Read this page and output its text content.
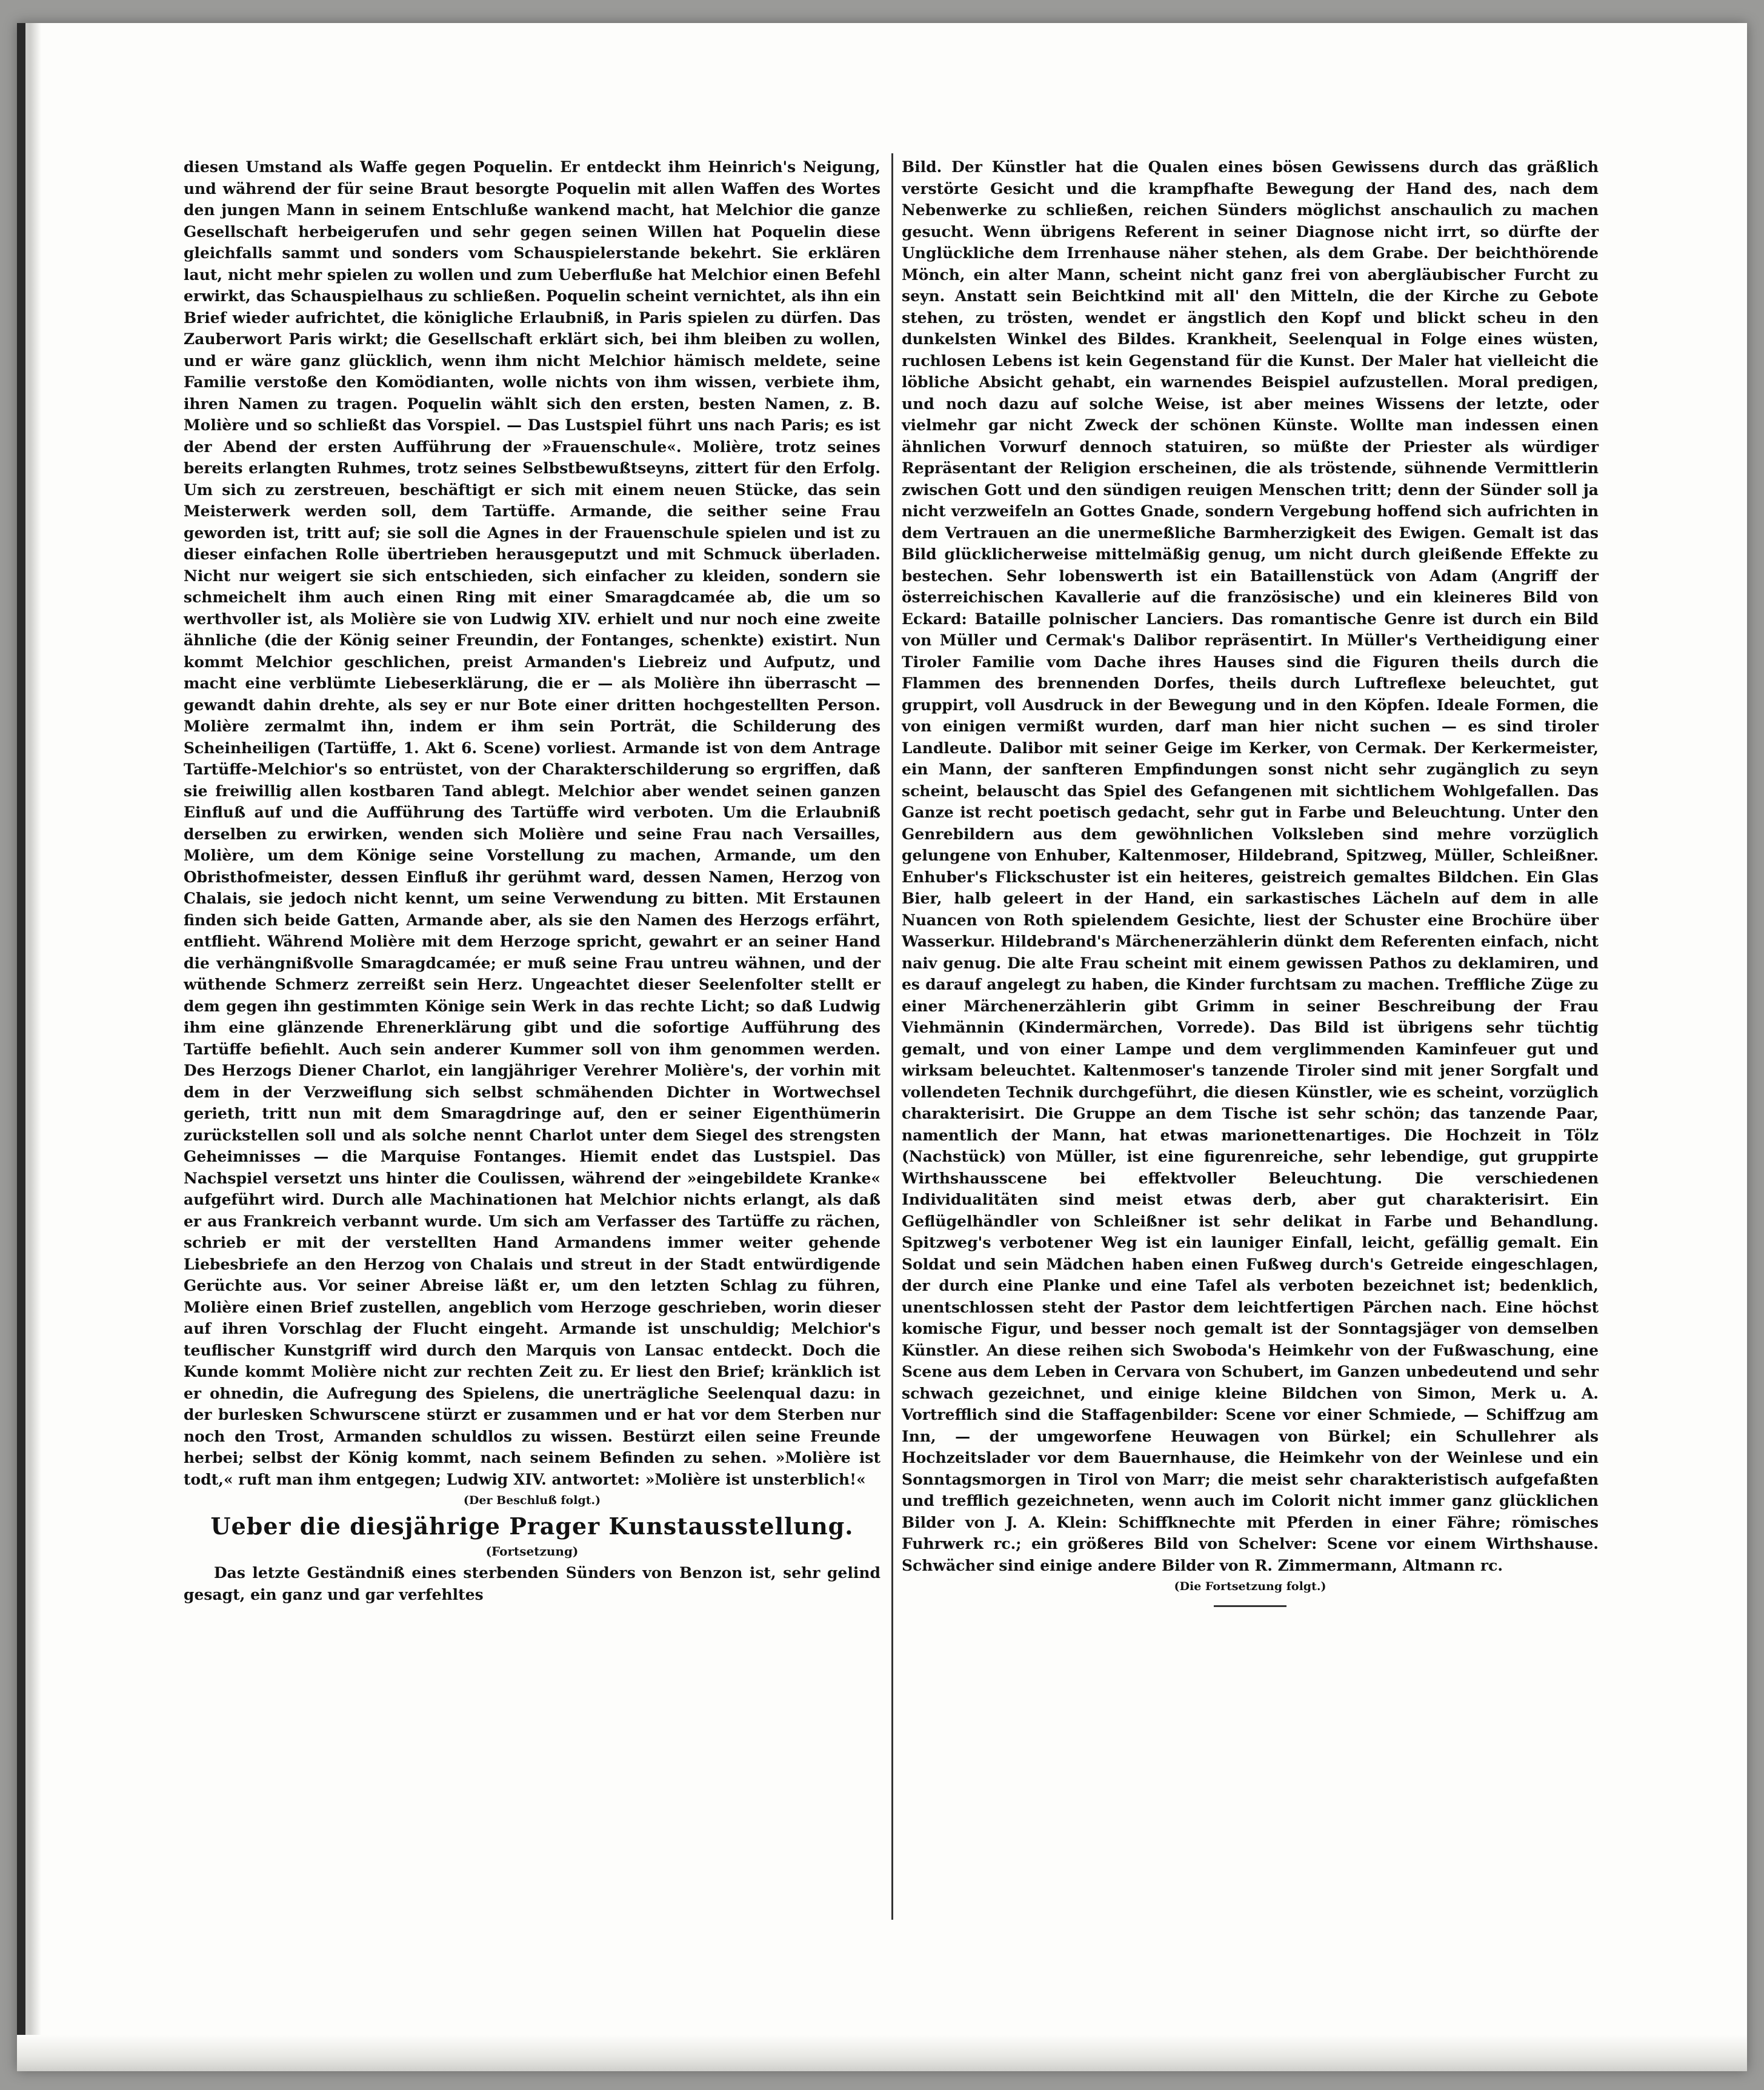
diesen Umstand als Waffe gegen Poquelin. Er entdeckt ihm Heinrich's Neigung, und während der für seine Braut besorgte Poquelin mit allen Waffen des Wortes den jungen Mann in seinem Entschluße wankend macht, hat Melchior die ganze Gesellschaft herbeigerufen und sehr gegen seinen Willen hat Poquelin diese gleichfalls sammt und sonders vom Schauspielerstande bekehrt. Sie erklären laut, nicht mehr spielen zu wollen und zum Ueberfluße hat Melchior einen Befehl erwirkt, das Schauspielhaus zu schließen. Poquelin scheint vernichtet, als ihn ein Brief wieder aufrichtet, die königliche Erlaubniß, in Paris spielen zu dürfen. Das Zauberwort Paris wirkt; die Gesellschaft erklärt sich, bei ihm bleiben zu wollen, und er wäre ganz glücklich, wenn ihm nicht Melchior hämisch meldete, seine Familie verstoße den Komödianten, wolle nichts von ihm wissen, verbiete ihm, ihren Namen zu tragen. Poquelin wählt sich den ersten, besten Namen, z. B. Molière und so schließt das Vorspiel. — Das Lustspiel führt uns nach Paris; es ist der Abend der ersten Aufführung der »Frauenschule«. Molière, trotz seines bereits erlangten Ruhmes, trotz seines Selbstbewußtseyns, zittert für den Erfolg. Um sich zu zerstreuen, beschäftigt er sich mit einem neuen Stücke, das sein Meisterwerk werden soll, dem Tartüffe. Armande, die seither seine Frau geworden ist, tritt auf; sie soll die Agnes in der Frauenschule spielen und ist zu dieser einfachen Rolle übertrieben herausgeputzt und mit Schmuck überladen. Nicht nur weigert sie sich entschieden, sich einfacher zu kleiden, sondern sie schmeichelt ihm auch einen Ring mit einer Smaragdcamée ab, die um so werthvoller ist, als Molière sie von Ludwig XIV. erhielt und nur noch eine zweite ähnliche (die der König seiner Freundin, der Fontanges, schenkte) existirt. Nun kommt Melchior geschlichen, preist Armanden's Liebreiz und Aufputz, und macht eine verblümte Liebeserklärung, die er — als Molière ihn überrascht — gewandt dahin drehte, als sey er nur Bote einer dritten hochgestellten Person. Molière zermalmt ihn, indem er ihm sein Porträt, die Schilderung des Scheinheiligen (Tartüffe, 1. Akt 6. Scene) vorliest. Armande ist von dem Antrage Tartüffe-Melchior's so entrüstet, von der Charakterschilderung so ergriffen, daß sie freiwillig allen kostbaren Tand ablegt. Melchior aber wendet seinen ganzen Einfluß auf und die Aufführung des Tartüffe wird verboten. Um die Erlaubniß derselben zu erwirken, wenden sich Molière und seine Frau nach Versailles, Molière, um dem Könige seine Vorstellung zu machen, Armande, um den Obristhofmeister, dessen Einfluß ihr gerühmt ward, dessen Namen, Herzog von Chalais, sie jedoch nicht kennt, um seine Verwendung zu bitten. Mit Erstaunen finden sich beide Gatten, Armande aber, als sie den Namen des Herzogs erfährt, entflieht. Während Molière mit dem Herzoge spricht, gewahrt er an seiner Hand die verhängnißvolle Smaragdcamée; er muß seine Frau untreu wähnen, und der wüthende Schmerz zerreißt sein Herz. Ungeachtet dieser Seelenfolter stellt er dem gegen ihn gestimmten Könige sein Werk in das rechte Licht; so daß Ludwig ihm eine glänzende Ehrenerklärung gibt und die sofortige Aufführung des Tartüffe befiehlt. Auch sein anderer Kummer soll von ihm genommen werden. Des Herzogs Diener Charlot, ein langjähriger Verehrer Molière's, der vorhin mit dem in der Verzweiflung sich selbst schmähenden Dichter in Wortwechsel gerieth, tritt nun mit dem Smaragdringe auf, den er seiner Eigenthümerin zurückstellen soll und als solche nennt Charlot unter dem Siegel des strengsten Geheimnisses — die Marquise Fontanges. Hiemit endet das Lustspiel. Das Nachspiel versetzt uns hinter die Coulissen, während der »eingebildete Kranke« aufgeführt wird. Durch alle Machinationen hat Melchior nichts erlangt, als daß er aus Frankreich verbannt wurde. Um sich am Verfasser des Tartüffe zu rächen, schrieb er mit der verstellten Hand Armandens immer weiter gehende Liebesbriefe an den Herzog von Chalais und streut in der Stadt entwürdigende Gerüchte aus. Vor seiner Abreise läßt er, um den letzten Schlag zu führen, Molière einen Brief zustellen, angeblich vom Herzoge geschrieben, worin dieser auf ihren Vorschlag der Flucht eingeht. Armande ist unschuldig; Melchior's teuflischer Kunstgriff wird durch den Marquis von Lansac entdeckt. Doch die Kunde kommt Molière nicht zur rechten Zeit zu. Er liest den Brief; kränklich ist er ohnedin, die Aufregung des Spielens, die unerträgliche Seelenqual dazu: in der burlesken Schwurscene stürzt er zusammen und er hat vor dem Sterben nur noch den Trost, Armanden schuldlos zu wissen. Bestürzt eilen seine Freunde herbei; selbst der König kommt, nach seinem Befinden zu sehen. »Molière ist todt,« ruft man ihm entgegen; Ludwig XIV. antwortet: »Molière ist unsterblich!«

(Der Beschluß folgt.)

Ueber die diesjährige Prager Kunstausstellung.

(Fortsetzung)

Das letzte Geständniß eines sterbenden Sünders von Benzon ist, sehr gelind gesagt, ein ganz und gar verfehltes

Bild. Der Künstler hat die Qualen eines bösen Gewissens durch das gräßlich verstörte Gesicht und die krampfhafte Bewegung der Hand des, nach dem Nebenwerke zu schließen, reichen Sünders möglichst anschaulich zu machen gesucht. Wenn übrigens Referent in seiner Diagnose nicht irrt, so dürfte der Unglückliche dem Irrenhause näher stehen, als dem Grabe. Der beichthörende Mönch, ein alter Mann, scheint nicht ganz frei von abergläubischer Furcht zu seyn. Anstatt sein Beichtkind mit all' den Mitteln, die der Kirche zu Gebote stehen, zu trösten, wendet er ängstlich den Kopf und blickt scheu in den dunkelsten Winkel des Bildes. Krankheit, Seelenqual in Folge eines wüsten, ruchlosen Lebens ist kein Gegenstand für die Kunst. Der Maler hat vielleicht die löbliche Absicht gehabt, ein warnendes Beispiel aufzustellen. Moral predigen, und noch dazu auf solche Weise, ist aber meines Wissens der letzte, oder vielmehr gar nicht Zweck der schönen Künste. Wollte man indessen einen ähnlichen Vorwurf dennoch statuiren, so müßte der Priester als würdiger Repräsentant der Religion erscheinen, die als tröstende, sühnende Vermittlerin zwischen Gott und den sündigen reuigen Menschen tritt; denn der Sünder soll ja nicht verzweifeln an Gottes Gnade, sondern Vergebung hoffend sich aufrichten in dem Vertrauen an die unermeßliche Barmherzigkeit des Ewigen. Gemalt ist das Bild glücklicherweise mittelmäßig genug, um nicht durch gleißende Effekte zu bestechen. Sehr lobenswerth ist ein Bataillenstück von Adam (Angriff der österreichischen Kavallerie auf die französische) und ein kleineres Bild von Eckard: Bataille polnischer Lanciers. Das romantische Genre ist durch ein Bild von Müller und Cermak's Dalibor repräsentirt. In Müller's Vertheidigung einer Tiroler Familie vom Dache ihres Hauses sind die Figuren theils durch die Flammen des brennenden Dorfes, theils durch Luftreflexe beleuchtet, gut gruppirt, voll Ausdruck in der Bewegung und in den Köpfen. Ideale Formen, die von einigen vermißt wurden, darf man hier nicht suchen — es sind tiroler Landleute. Dalibor mit seiner Geige im Kerker, von Cermak. Der Kerkermeister, ein Mann, der sanfteren Empfindungen sonst nicht sehr zugänglich zu seyn scheint, belauscht das Spiel des Gefangenen mit sichtlichem Wohlgefallen. Das Ganze ist recht poetisch gedacht, sehr gut in Farbe und Beleuchtung. Unter den Genrebildern aus dem gewöhnlichen Volksleben sind mehre vorzüglich gelungene von Enhuber, Kaltenmoser, Hildebrand, Spitzweg, Müller, Schleißner. Enhuber's Flickschuster ist ein heiteres, geistreich gemaltes Bildchen. Ein Glas Bier, halb geleert in der Hand, ein sarkastisches Lächeln auf dem in alle Nuancen von Roth spielendem Gesichte, liest der Schuster eine Brochüre über Wasserkur. Hildebrand's Märchenerzählerin dünkt dem Referenten einfach, nicht naiv genug. Die alte Frau scheint mit einem gewissen Pathos zu deklamiren, und es darauf angelegt zu haben, die Kinder furchtsam zu machen. Treffliche Züge zu einer Märchenerzählerin gibt Grimm in seiner Beschreibung der Frau Viehmännin (Kindermärchen, Vorrede). Das Bild ist übrigens sehr tüchtig gemalt, und von einer Lampe und dem verglimmenden Kaminfeuer gut und wirksam beleuchtet. Kaltenmoser's tanzende Tiroler sind mit jener Sorgfalt und vollendeten Technik durchgeführt, die diesen Künstler, wie es scheint, vorzüglich charakterisirt. Die Gruppe an dem Tische ist sehr schön; das tanzende Paar, namentlich der Mann, hat etwas marionettenartiges. Die Hochzeit in Tölz (Nachstück) von Müller, ist eine figurenreiche, sehr lebendige, gut gruppirte Wirthshausscene bei effektvoller Beleuchtung. Die verschiedenen Individualitäten sind meist etwas derb, aber gut charakterisirt. Ein Geflügelhändler von Schleißner ist sehr delikat in Farbe und Behandlung. Spitzweg's verbotener Weg ist ein launiger Einfall, leicht, gefällig gemalt. Ein Soldat und sein Mädchen haben einen Fußweg durch's Getreide eingeschlagen, der durch eine Planke und eine Tafel als verboten bezeichnet ist; bedenklich, unentschlossen steht der Pastor dem leichtfertigen Pärchen nach. Eine höchst komische Figur, und besser noch gemalt ist der Sonntagsjäger von demselben Künstler. An diese reihen sich Swoboda's Heimkehr von der Fußwaschung, eine Scene aus dem Leben in Cervara von Schubert, im Ganzen unbedeutend und sehr schwach gezeichnet, und einige kleine Bildchen von Simon, Merk u. A. Vortrefflich sind die Staffagenbilder: Scene vor einer Schmiede, — Schiffzug am Inn, — der umgeworfene Heuwagen von Bürkel; ein Schullehrer als Hochzeitslader vor dem Bauernhause, die Heimkehr von der Weinlese und ein Sonntagsmorgen in Tirol von Marr; die meist sehr charakteristisch aufgefaßten und trefflich gezeichneten, wenn auch im Colorit nicht immer ganz glücklichen Bilder von J. A. Klein: Schiffknechte mit Pferden in einer Fähre; römisches Fuhrwerk rc.; ein größeres Bild von Schelver: Scene vor einem Wirthshause. Schwächer sind einige andere Bilder von R. Zimmermann, Altmann rc.

(Die Fortsetzung folgt.)
